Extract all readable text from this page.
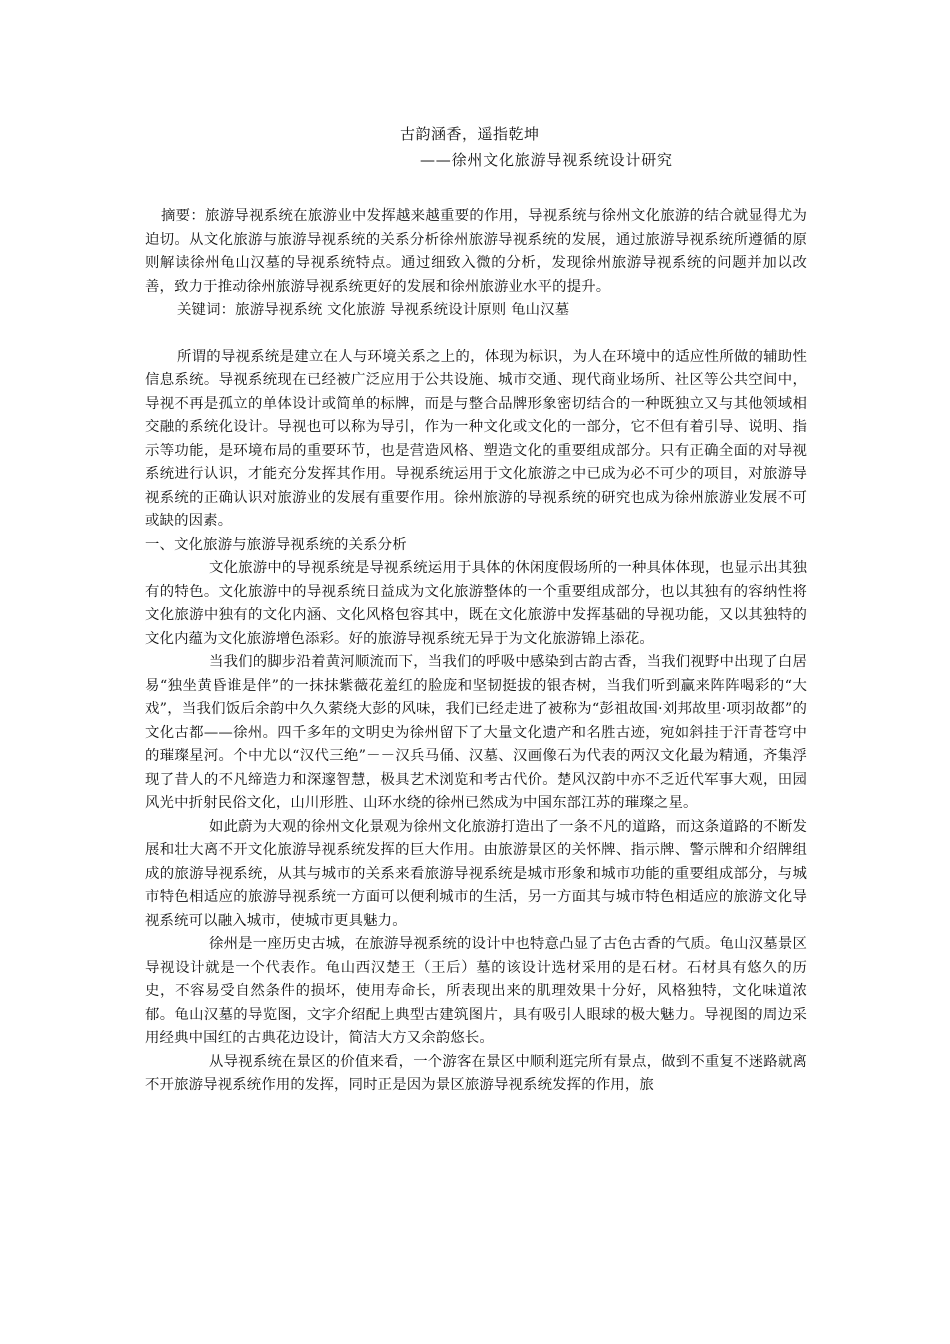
古韵涵香，遥指乾坤
——徐州文化旅游导视系统设计研究

摘要：旅游导视系统在旅游业中发挥越来越重要的作用，导视系统与徐州文化旅游的结合就显得尤为迫切。从文化旅游与旅游导视系统的关系分析徐州旅游导视系统的发展，通过旅游导视系统所遵循的原则解读徐州龟山汉墓的导视系统特点。通过细致入微的分析，发现徐州旅游导视系统的问题并加以改善，致力于推动徐州旅游导视系统更好的发展和徐州旅游业水平的提升。

关键词：旅游导视系统 文化旅游 导视系统设计原则 龟山汉墓

所谓的导视系统是建立在人与环境关系之上的，体现为标识，为人在环境中的适应性所做的辅助性信息系统。导视系统现在已经被广泛应用于公共设施、城市交通、现代商业场所、社区等公共空间中，导视不再是孤立的单体设计或简单的标牌，而是与整合品牌形象密切结合的一种既独立又与其他领域相交融的系统化设计。导视也可以称为导引，作为一种文化或文化的一部分，它不但有着引导、说明、指示等功能，是环境布局的重要环节，也是营造风格、塑造文化的重要组成部分。只有正确全面的对导视系统进行认识，才能充分发挥其作用。导视系统运用于文化旅游之中已成为必不可少的项目，对旅游导视系统的正确认识对旅游业的发展有重要作用。徐州旅游的导视系统的研究也成为徐州旅游业发展不可或缺的因素。

一、文化旅游与旅游导视系统的关系分析

文化旅游中的导视系统是导视系统运用于具体的休闲度假场所的一种具体体现，也显示出其独有的特色。文化旅游中的导视系统日益成为文化旅游整体的一个重要组成部分，也以其独有的容纳性将文化旅游中独有的文化内涵、文化风格包容其中，既在文化旅游中发挥基础的导视功能，又以其独特的文化内蕴为文化旅游增色添彩。好的旅游导视系统无异于为文化旅游锦上添花。

当我们的脚步沿着黄河顺流而下，当我们的呼吸中感染到古韵古香，当我们视野中出现了白居易“独坐黄昏谁是伴”的一抹抹紫薇花羞红的脸庞和坚韧挺拔的银杏树，当我们听到赢来阵阵喝彩的“大戏”，当我们饭后余韵中久久萦绕大彭的风味，我们已经走进了被称为“彭祖故国·刘邦故里·项羽故都”的文化古都——徐州。四千多年的文明史为徐州留下了大量文化遗产和名胜古迹，宛如斜挂于汗青苍穹中的璀璨星河。个中尤以“汉代三绝”－－汉兵马俑、汉墓、汉画像石为代表的两汉文化最为精通，齐集浮现了昔人的不凡缔造力和深邃智慧，极具艺术浏览和考古代价。楚风汉韵中亦不乏近代军事大观，田园风光中折射民俗文化，山川形胜、山环水绕的徐州已然成为中国东部江苏的璀璨之星。

如此蔚为大观的徐州文化景观为徐州文化旅游打造出了一条不凡的道路，而这条道路的不断发展和壮大离不开文化旅游导视系统发挥的巨大作用。由旅游景区的关怀牌、指示牌、警示牌和介绍牌组成的旅游导视系统，从其与城市的关系来看旅游导视系统是城市形象和城市功能的重要组成部分，与城市特色相适应的旅游导视系统一方面可以便利城市的生活，另一方面其与城市特色相适应的旅游文化导视系统可以融入城市，使城市更具魅力。

徐州是一座历史古城，在旅游导视系统的设计中也特意凸显了古色古香的气质。龟山汉墓景区导视设计就是一个代表作。龟山西汉楚王（王后）墓的该设计选材采用的是石材。石材具有悠久的历史，不容易受自然条件的损坏，使用寿命长，所表现出来的肌理效果十分好，风格独特，文化味道浓郁。龟山汉墓的导览图，文字介绍配上典型古建筑图片，具有吸引人眼球的极大魅力。导视图的周边采用经典中国红的古典花边设计，简洁大方又余韵悠长。

从导视系统在景区的价值来看，一个游客在景区中顺利逛完所有景点，做到不重复不迷路就离不开旅游导视系统作用的发挥，同时正是因为景区旅游导视系统发挥的作用，旅
